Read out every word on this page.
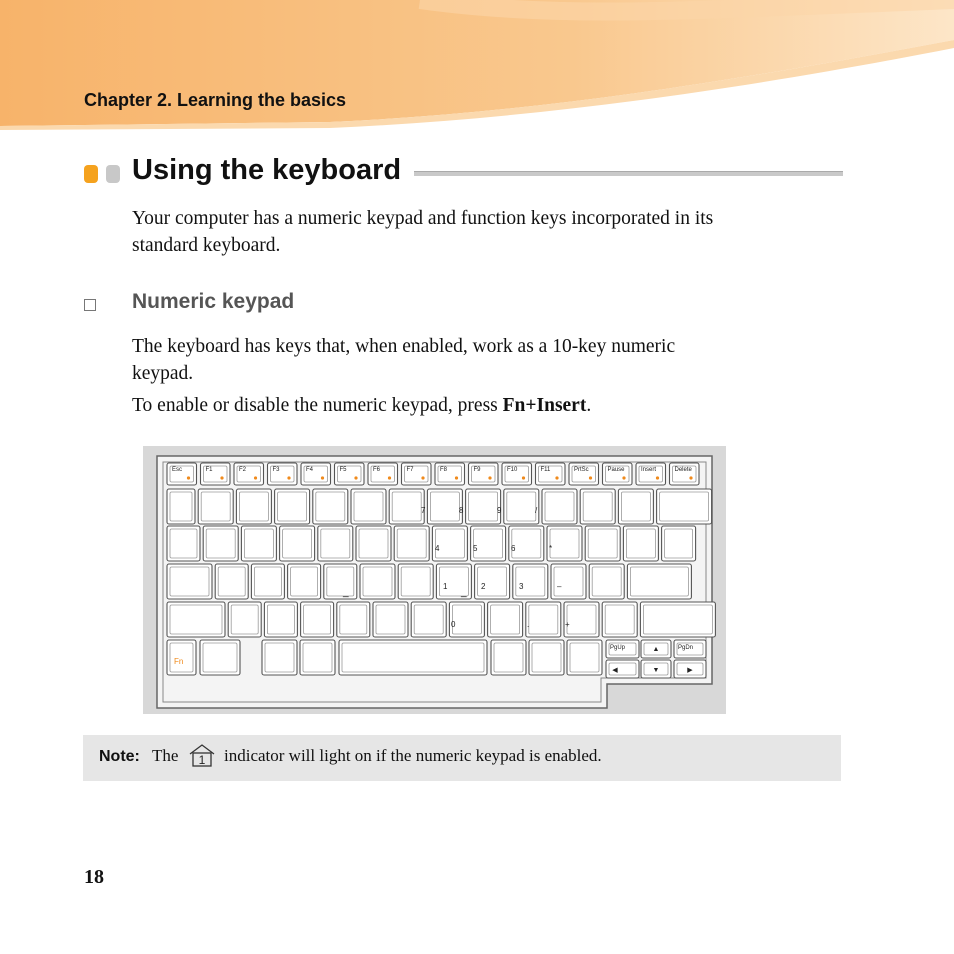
Chapter 2. Learning the basics
Using the keyboard
Your computer has a numeric keypad and function keys incorporated in its
standard keyboard.
Numeric keypad
The keyboard has keys that, when enabled, work as a 10-key numeric
keypad.
To enable or disable the numeric keypad, press Fn+Insert.
Esc	F1	F2	F3	F4	F5	F6	F7	F8	F9	F10	F11	PrtSc	Pause	Insert	Delete
Fn
PgUp	▲	PgDn
◀	▼	▶
7	8	9	/
4	5	6	*
1	2	3	–
0	.	+
_	_
Note: The 1 indicator will light on if the numeric keypad is enabled.
18
